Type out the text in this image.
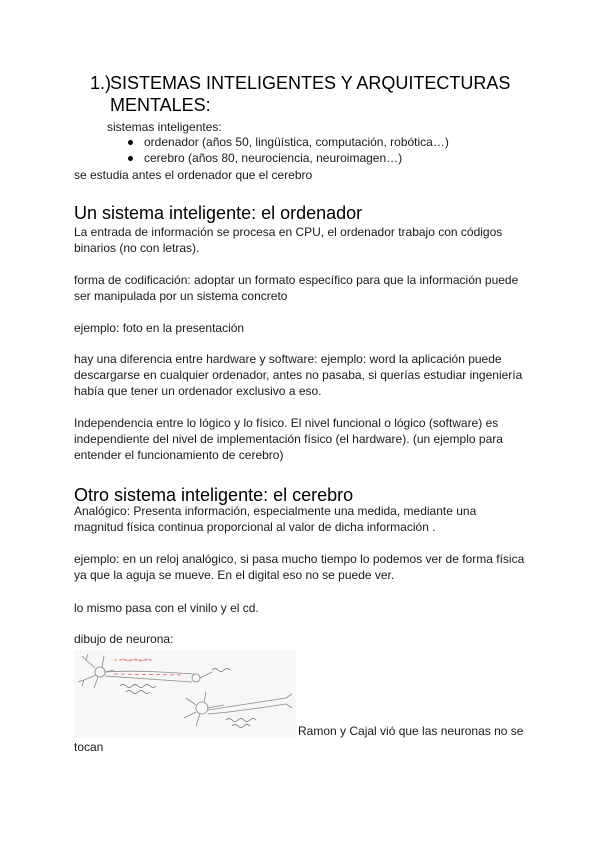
1.)SISTEMAS INTELIGENTES Y ARQUITECTURAS
MENTALES:
sistemas inteligentes:
ordenador (años 50, lingüística, computación, robótica…)
cerebro (años 80, neurociencia, neuroimagen…)
se estudia antes el ordenador que el cerebro
Un sistema inteligente: el ordenador
La entrada de información se procesa en CPU, el ordenador trabajo con códigos
binarios (no con letras).
forma de codificación: adoptar un formato específico para que la información puede
ser manipulada por un sistema concreto
ejemplo: foto en la presentación
hay una diferencia entre hardware y software: ejemplo: word la aplicación puede
descargarse en cualquier ordenador, antes no pasaba, si querías estudiar ingeniería
había que tener un ordenador exclusivo a eso.
Independencia entre lo lógico y lo físico. El nivel funcional o lógico (software) es
independiente del nivel de implementación físico (el hardware). (un ejemplo para
entender el funcionamiento de cerebro)
Otro sistema inteligente: el cerebro
Analógico: Presenta información, especialmente una medida, mediante una
magnitud física continua proporcional al valor de dicha información .
ejemplo: en un reloj analógico, si pasa mucho tiempo lo podemos ver de forma física
ya que la aguja se mueve. En el digital eso no se puede ver.
lo mismo pasa con el vinilo y el cd.
dibujo de neurona:
Ramon y Cajal vió que las neuronas no se
tocan
